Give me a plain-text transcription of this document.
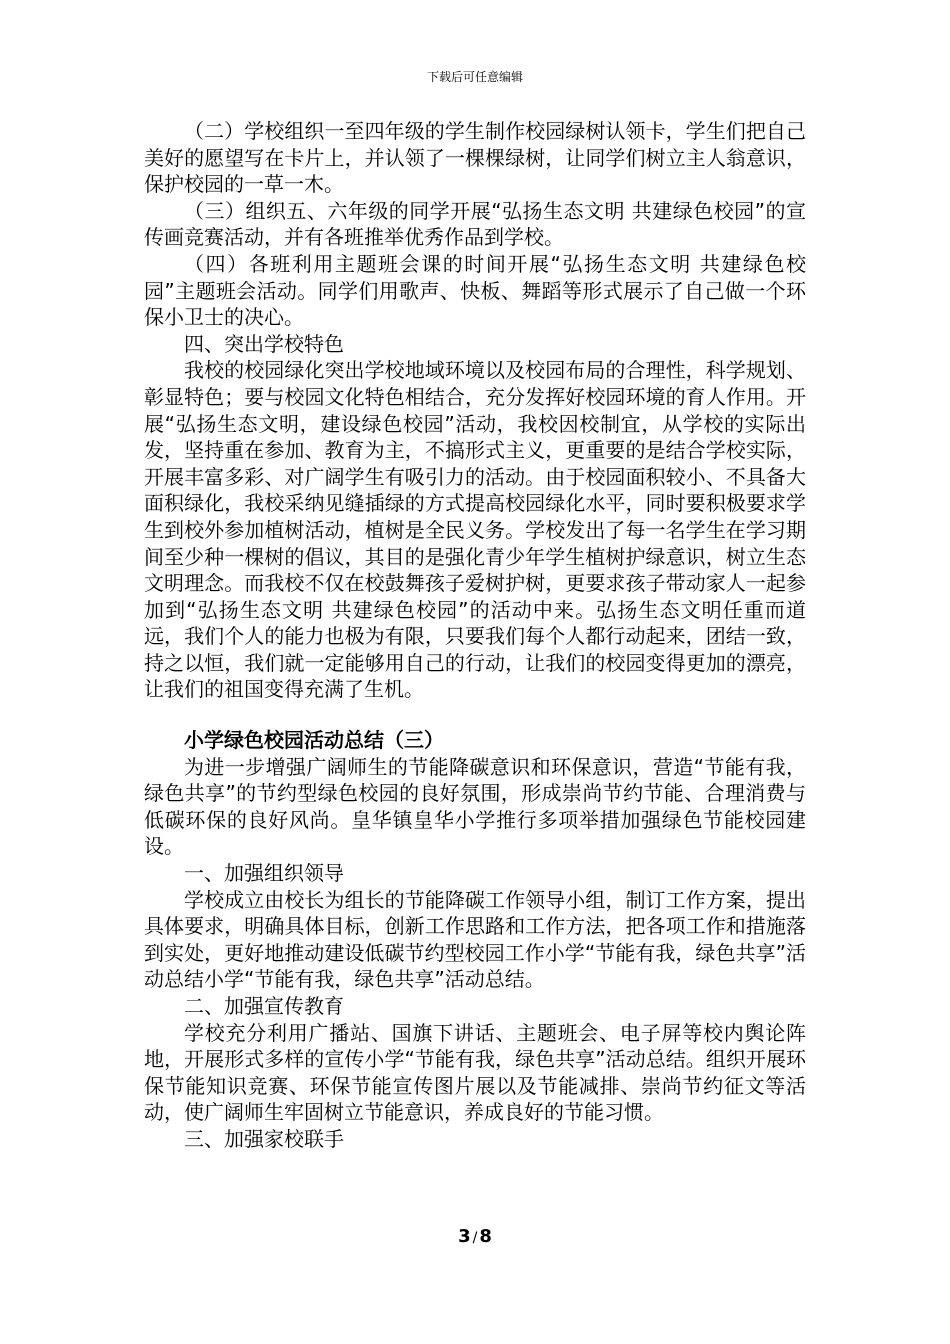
下载后可任意编辑

（二）学校组织一至四年级的学生制作校园绿树认领卡，学生们把自己美好的愿望写在卡片上，并认领了一棵棵绿树，让同学们树立主人翁意识，保护校园的一草一木。

（三）组织五、六年级的同学开展“弘扬生态文明 共建绿色校园”的宣传画竞赛活动，并有各班推举优秀作品到学校。

（四）各班利用主题班会课的时间开展“弘扬生态文明 共建绿色校园”主题班会活动。同学们用歌声、快板、舞蹈等形式展示了自己做一个环保小卫士的决心。

四、突出学校特色

我校的校园绿化突出学校地域环境以及校园布局的合理性，科学规划、彰显特色；要与校园文化特色相结合，充分发挥好校园环境的育人作用。开展“弘扬生态文明，建设绿色校园”活动，我校因校制宜，从学校的实际出发，坚持重在参加、教育为主，不搞形式主义，更重要的是结合学校实际，开展丰富多彩、对广阔学生有吸引力的活动。由于校园面积较小、不具备大面积绿化，我校采纳见缝插绿的方式提高校园绿化水平，同时要积极要求学生到校外参加植树活动，植树是全民义务。学校发出了每一名学生在学习期间至少种一棵树的倡议，其目的是强化青少年学生植树护绿意识，树立生态文明理念。而我校不仅在校鼓舞孩子爱树护树，更要求孩子带动家人一起参加到“弘扬生态文明 共建绿色校园”的活动中来。弘扬生态文明任重而道远，我们个人的能力也极为有限，只要我们每个人都行动起来，团结一致，持之以恒，我们就一定能够用自己的行动，让我们的校园变得更加的漂亮，让我们的祖国变得充满了生机。

小学绿色校园活动总结（三）

为进一步增强广阔师生的节能降碳意识和环保意识，营造“节能有我，绿色共享”的节约型绿色校园的良好氛围，形成崇尚节约节能、合理消费与低碳环保的良好风尚。皇华镇皇华小学推行多项举措加强绿色节能校园建设。

一、加强组织领导

学校成立由校长为组长的节能降碳工作领导小组，制订工作方案，提出具体要求，明确具体目标，创新工作思路和工作方法，把各项工作和措施落到实处，更好地推动建设低碳节约型校园工作小学“节能有我，绿色共享”活动总结小学“节能有我，绿色共享”活动总结。

二、加强宣传教育

学校充分利用广播站、国旗下讲话、主题班会、电子屏等校内舆论阵地，开展形式多样的宣传小学“节能有我，绿色共享”活动总结。组织开展环保节能知识竞赛、环保节能宣传图片展以及节能减排、崇尚节约征文等活动，使广阔师生牢固树立节能意识，养成良好的节能习惯。

三、加强家校联手

3 / 8
